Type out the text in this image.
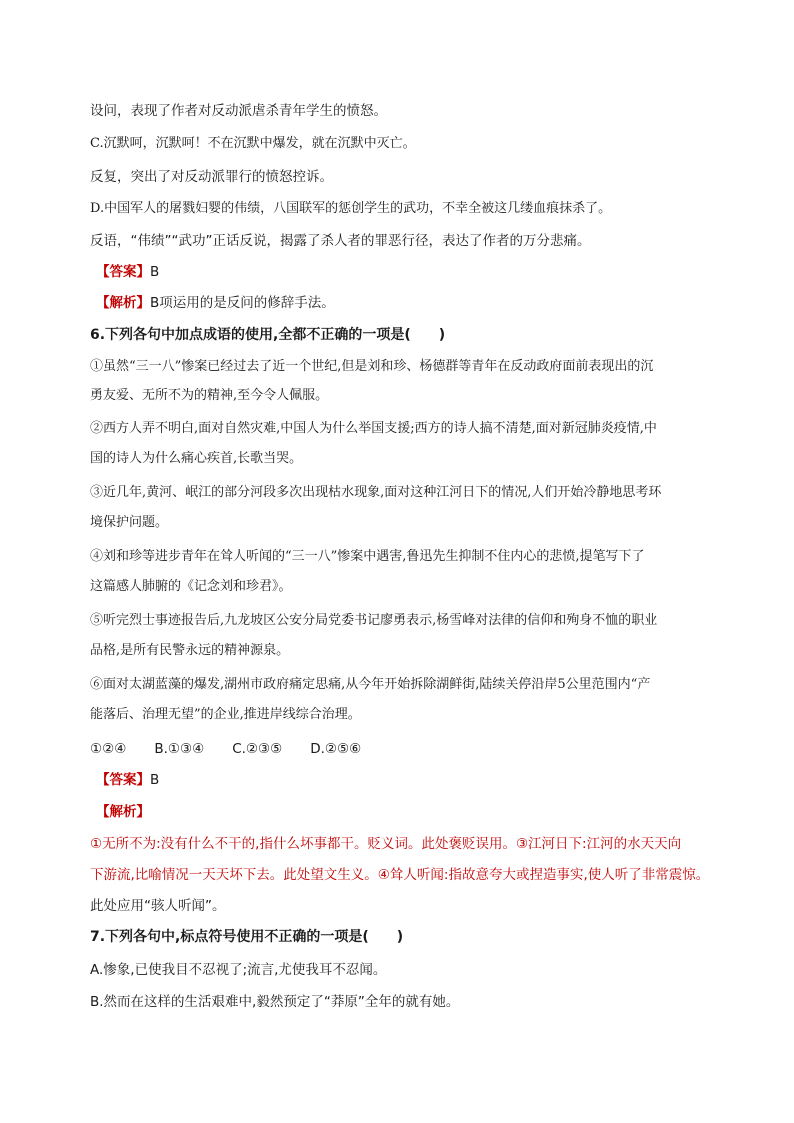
设问，表现了作者对反动派虐杀青年学生的愤怒。
C.沉默呵，沉默呵！不在沉默中爆发，就在沉默中灭亡。
反复，突出了对反动派罪行的愤怒控诉。
D.中国军人的屠戮妇婴的伟绩，八国联军的惩创学生的武功，不幸全被这几缕血痕抹杀了。
反语，“伟绩”“武功”正话反说，揭露了杀人者的罪恶行径，表达了作者的万分悲痛。
【答案】B
【解析】B项运用的是反问的修辞手法。
6.下列各句中加点成语的使用,全都不正确的一项是(　　)
①虽然“三一八”惨案已经过去了近一个世纪,但是刘和珍、杨德群等青年在反动政府面前表现出的沉
勇友爱、无所不为的精神,至今令人佩服。
②西方人弄不明白,面对自然灾难,中国人为什么举国支援;西方的诗人搞不清楚,面对新冠肺炎疫情,中
国的诗人为什么痛心疾首,长歌当哭。
③近几年,黄河、岷江的部分河段多次出现枯水现象,面对这种江河日下的情况,人们开始冷静地思考环
境保护问题。
④刘和珍等进步青年在耸人听闻的“三一八”惨案中遇害,鲁迅先生抑制不住内心的悲愤,提笔写下了
这篇感人肺腑的《记念刘和珍君》。
⑤听完烈士事迹报告后,九龙坡区公安分局党委书记廖勇表示,杨雪峰对法律的信仰和殉身不恤的职业
品格,是所有民警永远的精神源泉。
⑥面对太湖蓝藻的爆发,湖州市政府痛定思痛,从今年开始拆除湖鲜街,陆续关停沿岸5公里范围内“产
能落后、治理无望”的企业,推进岸线综合治理。
①②④ B.①③④ C.②③⑤ D.②⑤⑥
【答案】B
【解析】
①无所不为:没有什么不干的,指什么坏事都干。贬义词。此处褒贬误用。③江河日下:江河的水天天向
下游流,比喻情况一天天坏下去。此处望文生义。④耸人听闻:指故意夸大或捏造事实,使人听了非常震惊。
此处应用“骇人听闻”。
7.下列各句中,标点符号使用不正确的一项是(　　)
A.惨象,已使我目不忍视了;流言,尤使我耳不忍闻。
B.然而在这样的生活艰难中,毅然预定了“莽原”全年的就有她。
